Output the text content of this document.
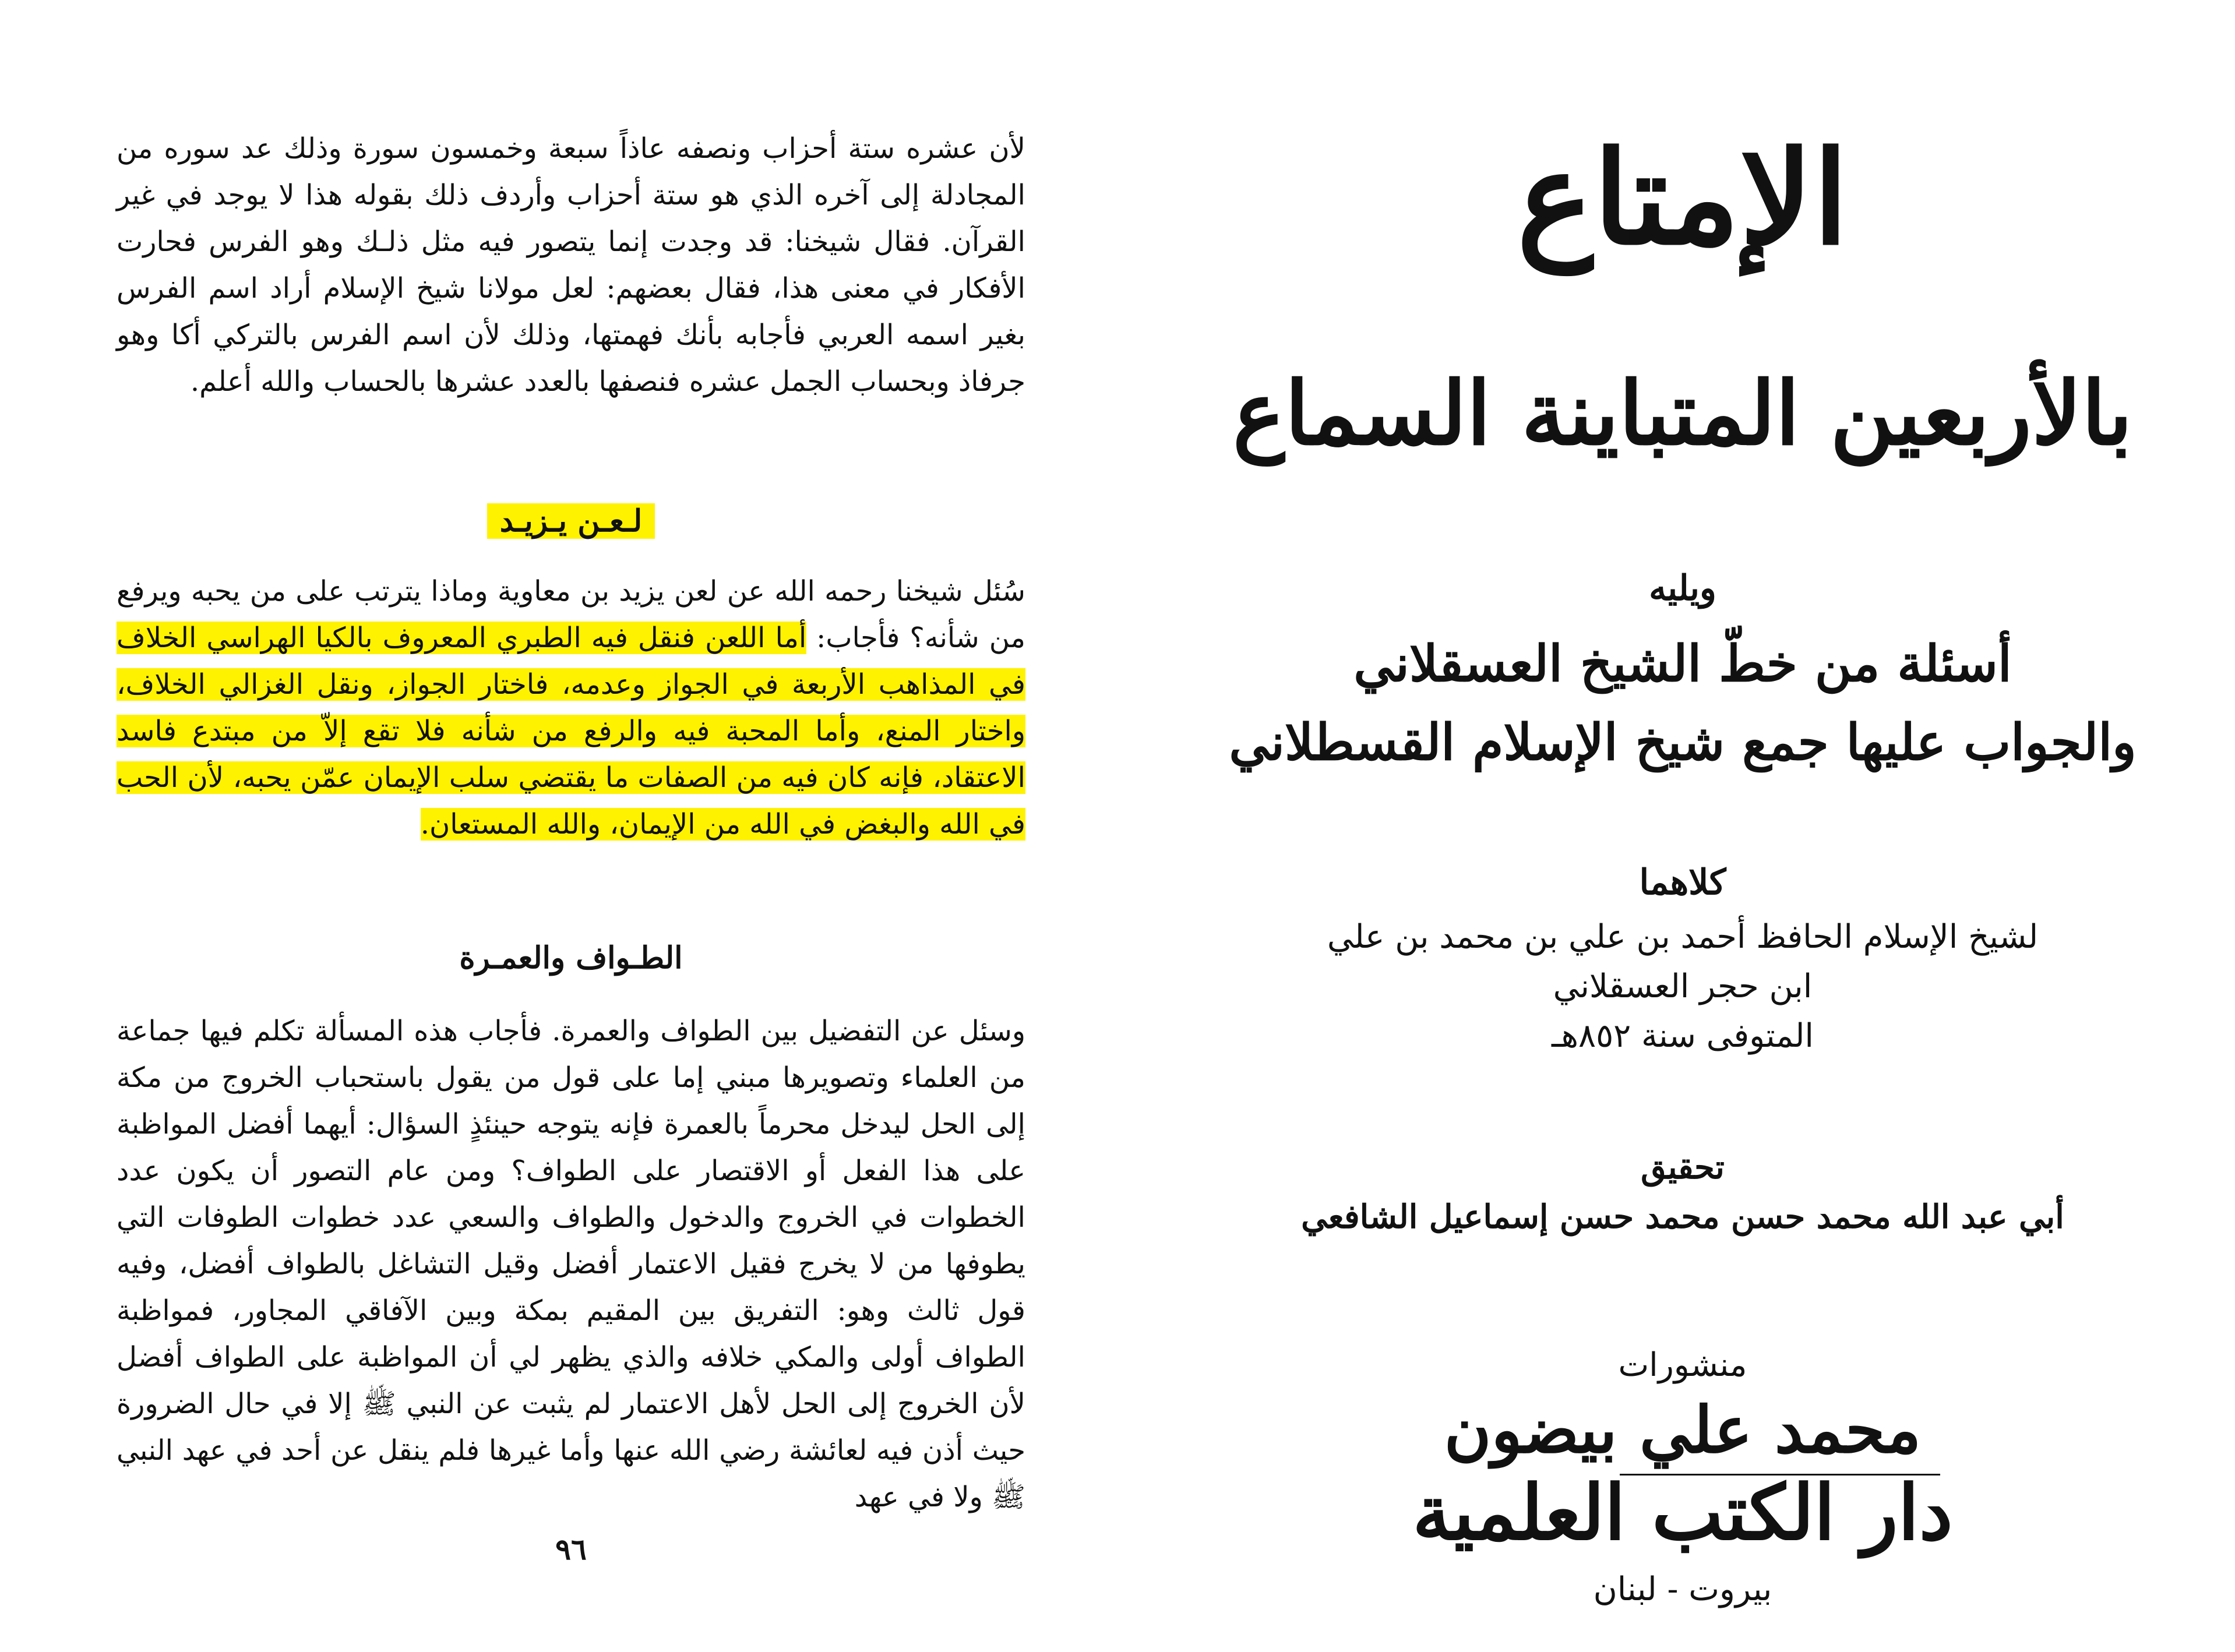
لأن عشره ستة أحزاب ونصفه عاذاً سبعة وخمسون سورة وذلك عد سوره من المجادلة إلى آخره الذي هو ستة أحزاب وأردف ذلك بقوله هذا لا يوجد في غير القرآن. فقال شيخنا: قد وجدت إنما يتصور فيه مثل ذلـك وهو الفرس فحارت الأفكار في معنى هذا، فقال بعضهم: لعل مولانا شيخ الإسلام أراد اسم الفرس بغير اسمه العربي فأجابه بأنك فهمتها، وذلك لأن اسم الفرس بالتركي أكا وهو جرفاذ وبحساب الجمل عشره فنصفها بالعدد عشرها بالحساب والله أعلم.
لـعـن يـزيـد
سُئل شيخنا رحمه الله عن لعن يزيد بن معاوية وماذا يترتب على من يحبه ويرفع من شأنه؟ فأجاب: أما اللعن فنقل فيه الطبري المعروف بالكيا الهراسي الخلاف في المذاهب الأربعة في الجواز وعدمه، فاختار الجواز، ونقل الغزالي الخلاف، واختار المنع، وأما المحبة فيه والرفع من شأنه فلا تقع إلاّ من مبتدع فاسد الاعتقاد، فإنه كان فيه من الصفات ما يقتضي سلب الإيمان عمّن يحبه، لأن الحب في الله والبغض في الله من الإيمان، والله المستعان.
الطـواف والعمـرة
وسئل عن التفضيل بين الطواف والعمرة. فأجاب هذه المسألة تكلم فيها جماعة من العلماء وتصويرها مبني إما على قول من يقول باستحباب الخروج من مكة إلى الحل ليدخل محرماً بالعمرة فإنه يتوجه حينئذٍ السؤال: أيهما أفضل المواظبة على هذا الفعل أو الاقتصار على الطواف؟ ومن عام التصور أن يكون عدد الخطوات في الخروج والدخول والطواف والسعي عدد خطوات الطوفات التي يطوفها من لا يخرج فقيل الاعتمار أفضل وقيل التشاغل بالطواف أفضل، وفيه قول ثالث وهو: التفريق بين المقيم بمكة وبين الآفاقي المجاور، فمواظبة الطواف أولى والمكي خلافه والذي يظهر لي أن المواظبة على الطواف أفضل لأن الخروج إلى الحل لأهل الاعتمار لم يثبت عن النبي ﷺ إلا في حال الضرورة حيث أذن فيه لعائشة رضي الله عنها وأما غيرها فلم ينقل عن أحد في عهد النبي ﷺ ولا في عهد
٩٦
الإمتاع
بالأربعين المتباينة السماع
ويليه
أسئلة من خطّ الشيخ العسقلاني
والجواب عليها جمع شيخ الإسلام القسطلاني
كلاهما
لشيخ الإسلام الحافظ أحمد بن علي بن محمد بن علي
ابن حجر العسقلاني
المتوفى سنة ٨٥٢هـ
تحقيق
أبي عبد الله محمد حسن محمد حسن إسماعيل الشافعي
منشورات
محمد علي بيضون
دار الكتب العلمية
بيروت - لبنان
